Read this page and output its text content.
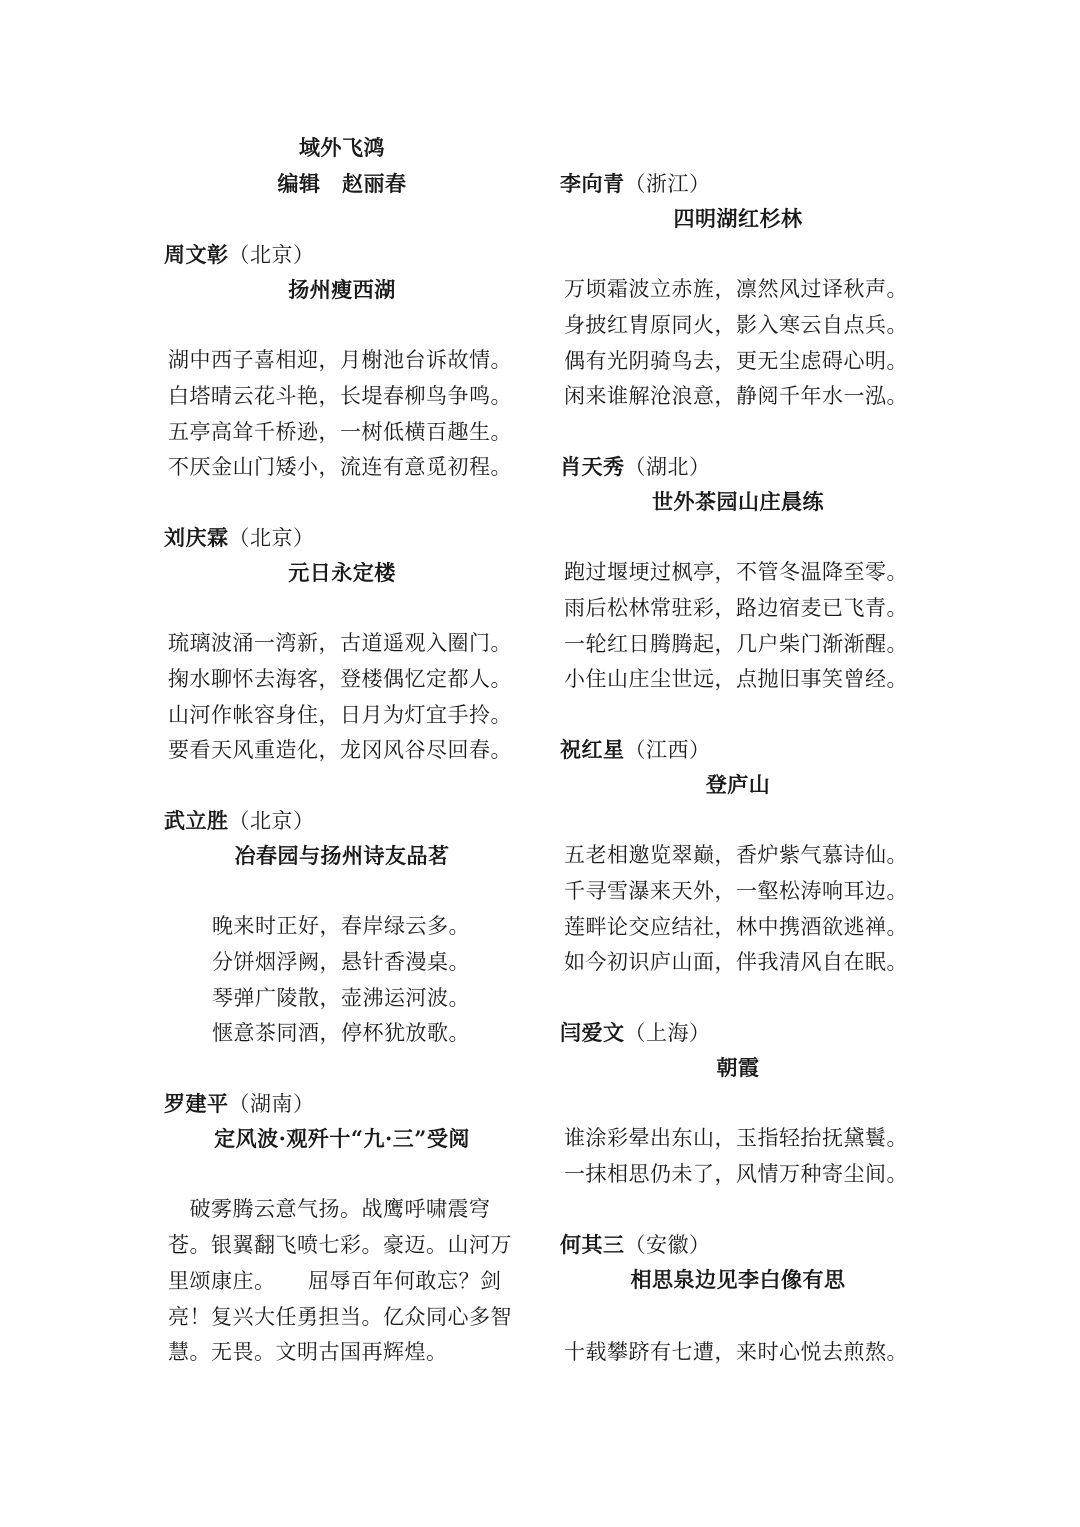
域外飞鸿
编辑　赵丽春
周文彰（北京）
扬州瘦西湖
湖中西子喜相迎，月榭池台诉故情。
白塔晴云花斗艳，长堤春柳鸟争鸣。
五亭高耸千桥逊，一树低横百趣生。
不厌金山门矮小，流连有意觅初程。
刘庆霖（北京）
元日永定楼
琉璃波涌一湾新，古道遥观入圈门。
掬水聊怀去海客，登楼偶忆定都人。
山河作帐容身住，日月为灯宜手拎。
要看天风重造化，龙冈风谷尽回春。
武立胜（北京）
冶春园与扬州诗友品茗
晚来时正好，春岸绿云多。
分饼烟浮阙，悬针香漫桌。
琴弹广陵散，壶沸运河波。
惬意茶同酒，停杯犹放歌。
罗建平（湖南）
定风波·观歼十“九·三”受阅
　破雾腾云意气扬。战鹰呼啸震穹
苍。银翼翻飞喷七彩。豪迈。山河万
里颂康庄。　　屈辱百年何敢忘？剑
亮！复兴大任勇担当。亿众同心多智
慧。无畏。文明古国再辉煌。
李向青（浙江）
四明湖红杉林
万顷霜波立赤旌，凛然风过译秋声。
身披红胄原同火，影入寒云自点兵。
偶有光阴骑鸟去，更无尘虑碍心明。
闲来谁解沧浪意，静阅千年水一泓。
肖天秀（湖北）
世外茶园山庄晨练
跑过堰埂过枫亭，不管冬温降至零。
雨后松林常驻彩，路边宿麦已飞青。
一轮红日腾腾起，几户柴门渐渐醒。
小住山庄尘世远，点抛旧事笑曾经。
祝红星（江西）
登庐山
五老相邀览翠巅，香炉紫气慕诗仙。
千寻雪瀑来天外，一壑松涛响耳边。
莲畔论交应结社，林中携酒欲逃禅。
如今初识庐山面，伴我清风自在眠。
闫爱文（上海）
朝霞
谁涂彩晕出东山，玉指轻抬抚黛鬟。
一抹相思仍未了，风情万种寄尘间。
何其三（安徽）
相思泉边见李白像有思
十载攀跻有七遭，来时心悦去煎熬。
